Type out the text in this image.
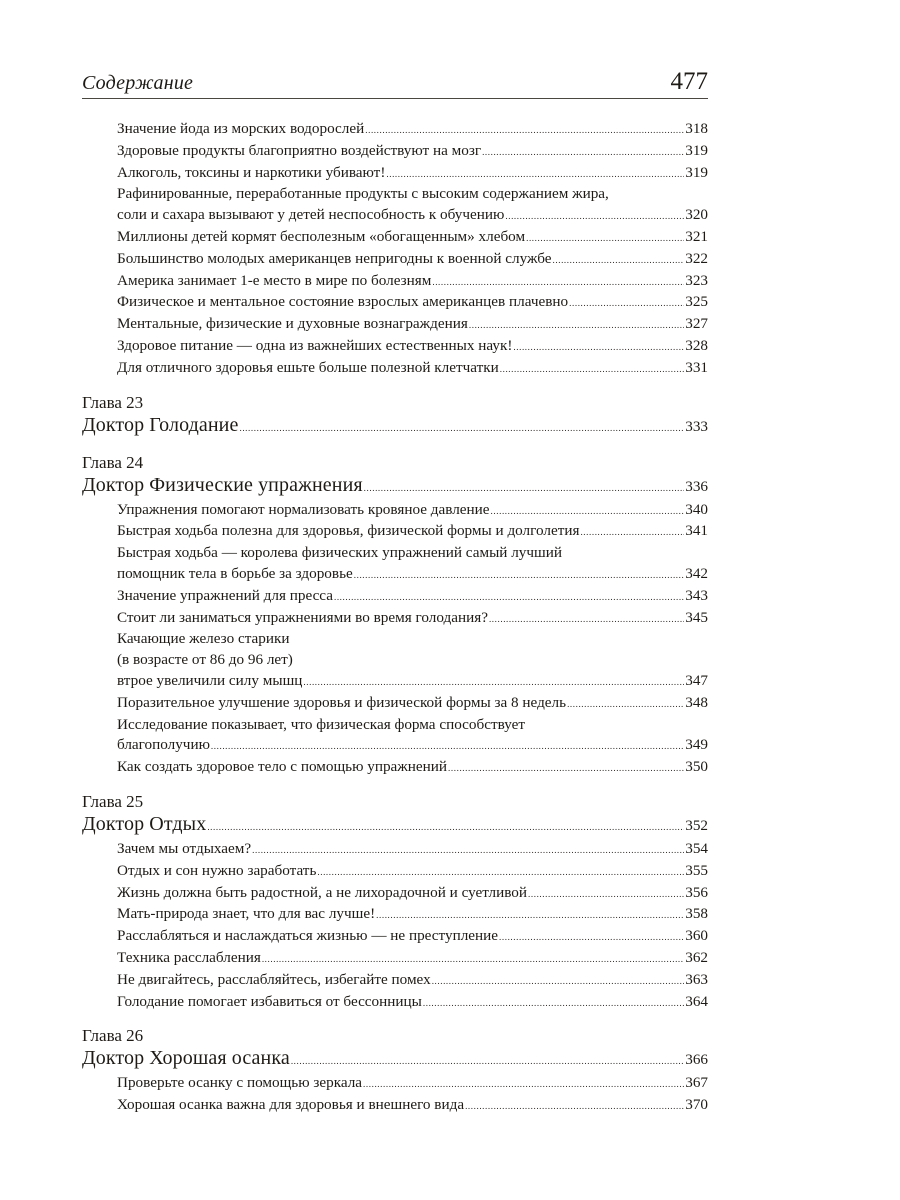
Содержание	477
Значение йода из морских водорослей .....	318
Здоровые продукты благоприятно воздействуют на мозг .....	319
Алкоголь, токсины и наркотики убивают! .....	319
Рафинированные, переработанные продукты с высоким содержанием жира,
соли и сахара вызывают у детей неспособность к обучению .....	320
Миллионы детей кормят бесполезным «обогащенным» хлебом .....	321
Большинство молодых американцев непригодны к военной службе .....	322
Америка занимает 1-е место в мире по болезням .....	323
Физическое и ментальное состояние взрослых американцев плачевно .....	325
Ментальные, физические и духовные вознаграждения .....	327
Здоровое питание — одна из важнейших естественных наук! .....	328
Для отличного здоровья ешьте больше полезной клетчатки .....	331
Глава 23
Доктор Голодание .....	333
Глава 24
Доктор Физические упражнения .....	336
Упражнения помогают нормализовать кровяное давление .....	340
Быстрая ходьба полезна для здоровья, физической формы и долголетия .....	341
Быстрая ходьба — королева физических упражнений самый лучший
помощник тела в борьбе за здоровье .....	342
Значение упражнений для пресса .....	343
Стоит ли заниматься упражнениями во время голодания? .....	345
Качающие железо старики
(в возрасте от 86 до 96 лет)
втрое увеличили силу мышц .....	347
Поразительное улучшение здоровья и физической формы за 8 недель .....	348
Исследование показывает, что физическая форма способствует
благополучию .....	349
Как создать здоровое тело с помощью упражнений .....	350
Глава 25
Доктор Отдых .....	352
Зачем мы отдыхаем? .....	354
Отдых и сон нужно заработать .....	355
Жизнь должна быть радостной, а не лихорадочной и суетливой .....	356
Мать-природа знает, что для вас лучше! .....	358
Расслабляться и наслаждаться жизнью — не преступление .....	360
Техника расслабления .....	362
Не двигайтесь, расслабляйтесь, избегайте помех .....	363
Голодание помогает избавиться от бессонницы .....	364
Глава 26
Доктор Хорошая осанка .....	366
Проверьте осанку с помощью зеркала .....	367
Хорошая осанка важна для здоровья и внешнего вида .....	370
